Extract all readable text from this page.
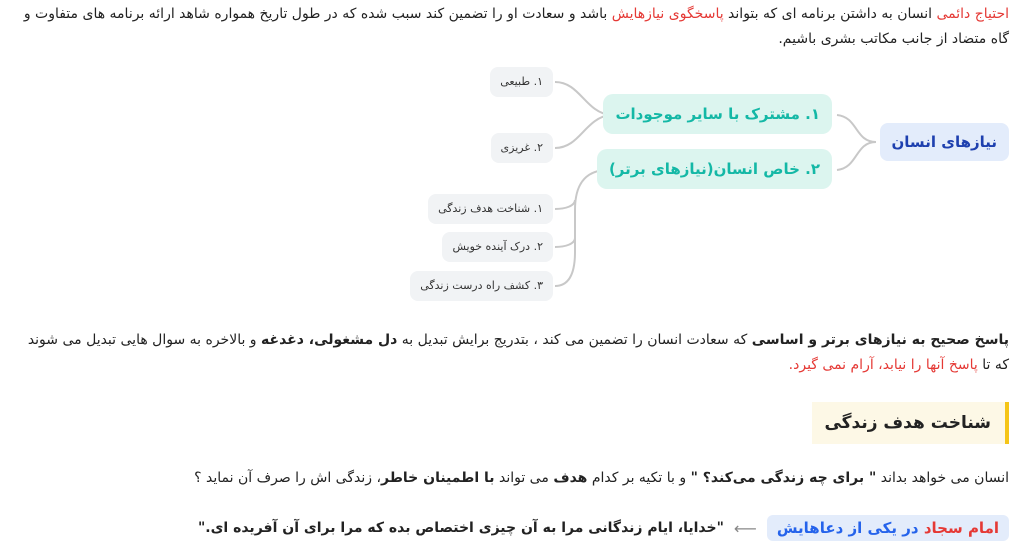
احتیاج دائمی انسان به داشتن برنامه ای که بتواند پاسخگوی نیازهایش باشد و سعادت او را تضمین کند سبب شده که در طول تاریخ همواره شاهد ارائه برنامه های متفاوت و گاه متضاد از جانب مکاتب بشری باشیم.
نیازهای انسان
۱. مشترک با سایر موجودات
۲. خاص انسان(نیازهای برتر)
۱. طبیعی
۲. غریزی
۱. شناخت هدف زندگی
۲. درک آینده خویش
۳. کشف راه درست زندگی
پاسخ صحیح به نیازهای برتر و اساسی که سعادت انسان را تضمین می کند ، بتدریج برایش تبدیل به دل مشغولی، دغدغه و بالاخره به سوال هایی تبدیل می شوند که تا پاسخ آنها را نیابد، آرام نمی گیرد.
شناخت هدف زندگی
انسان می خواهد بداند " برای چه زندگی می‌کند؟ " و با تکیه بر کدام هدف می تواند با اطمینان خاطر، زندگی اش را صرف آن نماید ؟
امام سجاد در یکی از دعاهایش
⟵
"خدایا، ایام زندگانی مرا به آن چیزی اختصاص بده که مرا برای آن آفریده ای."
